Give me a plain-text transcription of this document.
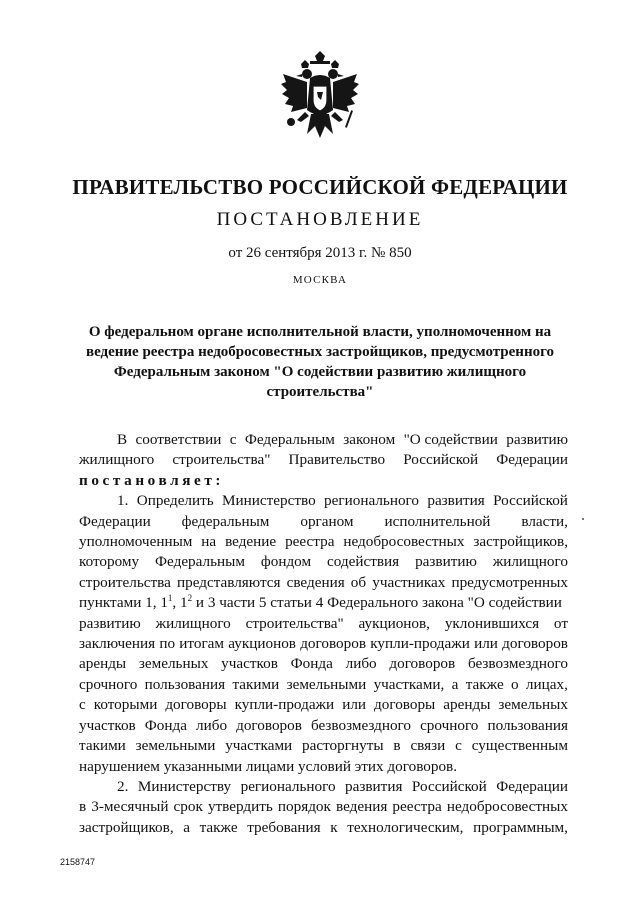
ПРАВИТЕЛЬСТВО РОССИЙСКОЙ ФЕДЕРАЦИИ
ПОСТАНОВЛЕНИЕ
от 26 сентября 2013 г. № 850
МОСКВА
О федеральном органе исполнительной власти, уполномоченном на
ведение реестра недобросовестных застройщиков, предусмотренного
Федеральным законом "О содействии развитию жилищного
строительства"
В соответствии с Федеральным законом "О содействии развитию
жилищного строительства" Правительство Российской Федерации
постановляет:
1. Определить Министерство регионального развития Российской
Федерации федеральным органом исполнительной власти,
уполномоченным на ведение реестра недобросовестных застройщиков,
которому Федеральным фондом содействия развитию жилищного
строительства представляются сведения об участниках предусмотренных
пунктами 1, $1^1$, $1^2$ и 3 части 5 статьи 4 Федерального закона "О содействии
развитию жилищного строительства" аукционов, уклонившихся от
заключения по итогам аукционов договоров купли-продажи или договоров
аренды земельных участков Фонда либо договоров безвозмездного
срочного пользования такими земельными участками, а также о лицах,
с которыми договоры купли-продажи или договоры аренды земельных
участков Фонда либо договоров безвозмездного срочного пользования
такими земельными участками расторгнуты в связи с существенным
нарушением указанными лицами условий этих договоров.
2. Министерству регионального развития Российской Федерации
в 3-месячный срок утвердить порядок ведения реестра недобросовестных
застройщиков, а также требования к технологическим, программным,
2158747
